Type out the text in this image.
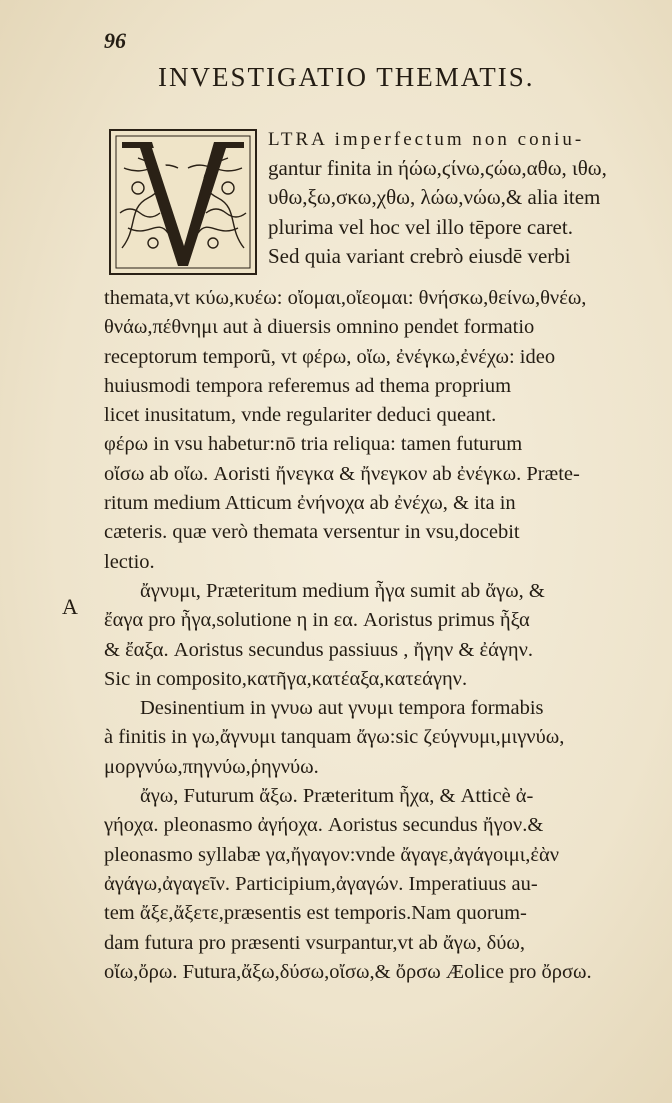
96
INVESTIGATIO THEMATIS.
LTRA imperfectum non coniu-
gantur finita in ήώω,ϛίνω,ϛώω,αθω, ιθω,
υθω,ξω,σκω,χθω, λώω,νώω,& alia item
plurima vel hoc vel illo tēpore caret.
Sed quia variant crebrò eiusdē verbi
A
themata,vt κύω,κυέω: οἴομαι,οἴεομαι: θνήσκω,θείνω,θνέω,
θνάω,πέθνημι aut à diuersis omnino pendet formatio
receptorum temporũ, vt φέρω, οἴω, ἐνέγκω,ἐνέχω: ideo
huiusmodi tempora referemus ad thema proprium
licet inusitatum, vnde regulariter deduci queant.
φέρω in vsu habetur:nō tria reliqua: tamen futurum
οἴσω ab οἴω. Aoristi ἤνεγκα & ἤνεγκον ab ἐνέγκω. Præte-
ritum medium Atticum ἐνήνοχα ab ἐνέχω, & ita in
cæteris. quæ verò themata versentur in vsu,docebit
lectio.
ἄγνυμι, Præteritum medium ἦγα sumit ab ἄγω, &
ἔαγα pro ἦγα,solutione η in εα. Aoristus primus ἦξα
& ἔαξα. Aoristus secundus passiuus , ἤγην & ἐάγην.
Sic in composito,κατῆγα,κατέαξα,κατεάγην.
Desinentium in γνυω aut γνυμι tempora formabis
à finitis in γω,ἄγνυμι tanquam ἄγω:sic ζεύγνυμι,μιγνύω,
μοργνύω,πηγνύω,ῥηγνύω.
ἄγω, Futurum ἄξω. Præteritum ἦχα, & Atticè ἀ-
γήοχα. pleonasmo ἀγήοχα. Aoristus secundus ἤγον.&
pleonasmo syllabæ γα,ἤγαγον:vnde ἄγαγε,ἀγάγοιμι,ἐὰν
ἀγάγω,ἀγαγεῖν. Participium,ἀγαγών. Imperatiuus au-
tem ἄξε,ἄξετε,præsentis est temporis.Nam quorum-
dam futura pro præsenti vsurpantur,vt ab ἄγω, δύω,
οἴω,ὄρω. Futura,ἄξω,δύσω,οἴσω,& ὄρσω Æolice pro ὄρσω.
